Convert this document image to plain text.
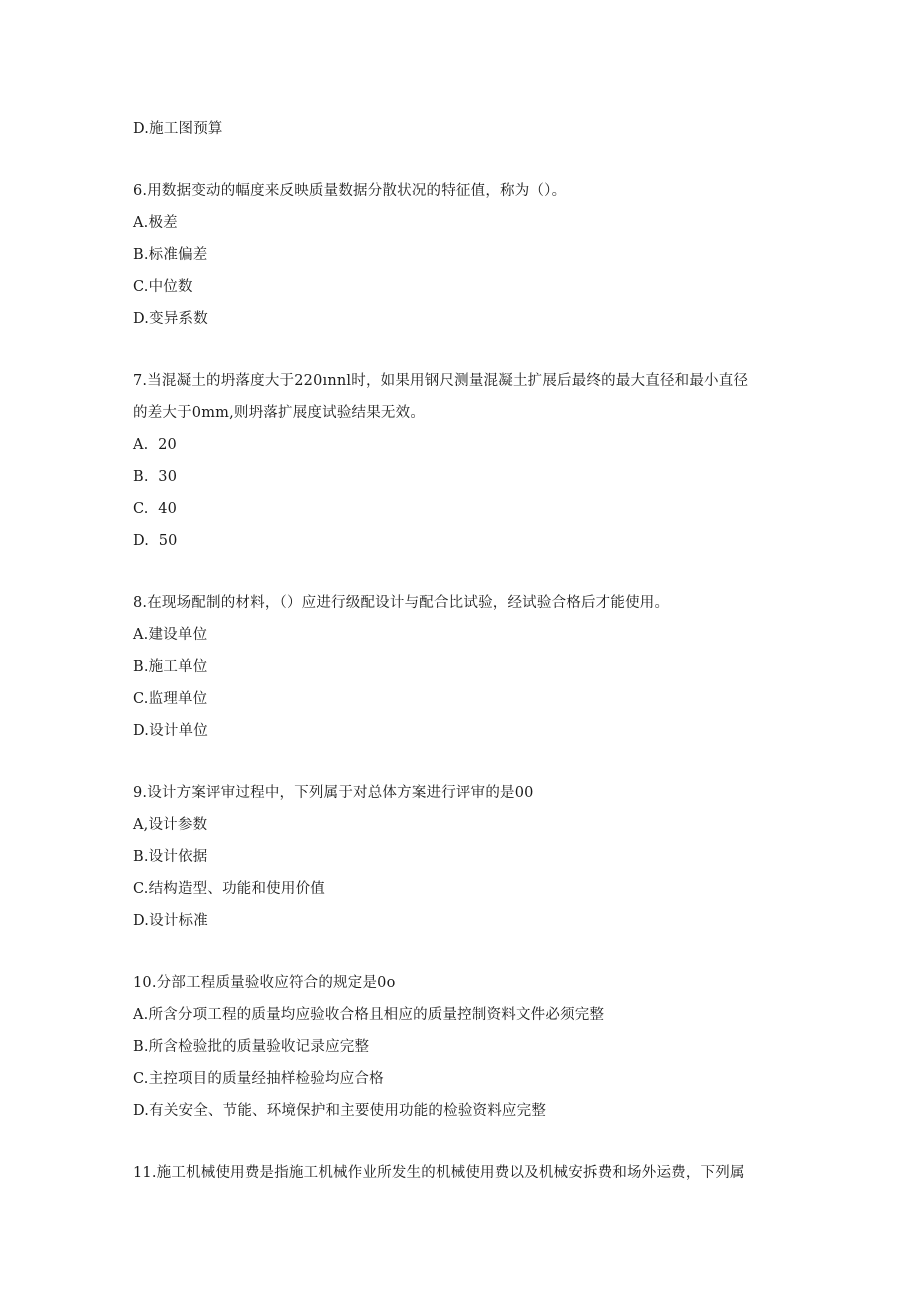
D.施工图预算
6.用数据变动的幅度来反映质量数据分散状况的特征值，称为（）。
A.极差
B.标准偏差
C.中位数
D.变异系数
7.当混凝土的坍落度大于220ınnl时，如果用钢尺测量混凝土扩展后最终的最大直径和最小直径
的差大于0mm,则坍落扩展度试验结果无效。
A.  20
B.  30
C.  40
D.  50
8.在现场配制的材料，（）应进行级配设计与配合比试验，经试验合格后才能使用。
A.建设单位
B.施工单位
C.监理单位
D.设计单位
9.设计方案评审过程中，下列属于对总体方案进行评审的是00
A,设计参数
B.设计依据
C.结构造型、功能和使用价值
D.设计标准
10.分部工程质量验收应符合的规定是0o
A.所含分项工程的质量均应验收合格且相应的质量控制资料文件必须完整
B.所含检验批的质量验收记录应完整
C.主控项目的质量经抽样检验均应合格
D.有关安全、节能、环境保护和主要使用功能的检验资料应完整
11.施工机械使用费是指施工机械作业所发生的机械使用费以及机械安拆费和场外运费，下列属
